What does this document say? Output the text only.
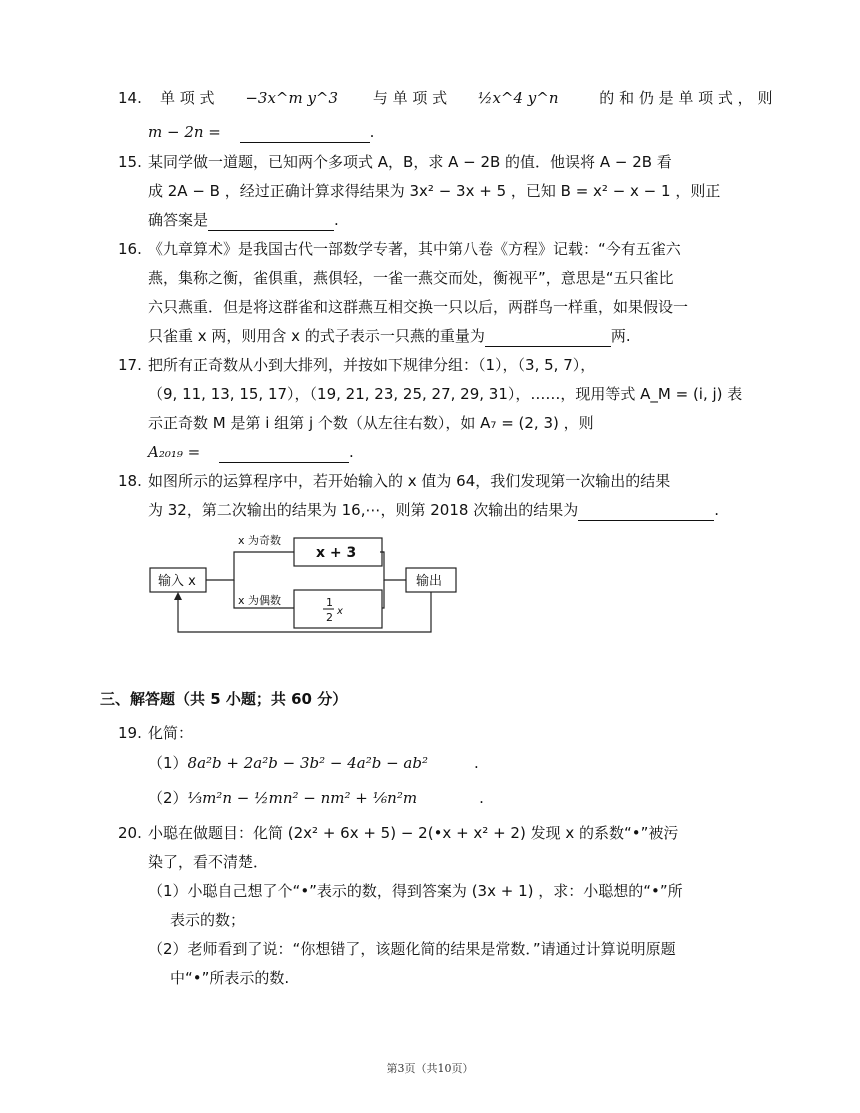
14. 单 项 式 −3x^m y^3 与 单 项 式 ½x^4 y^n	的 和 仍 是 单 项 式 ， 则
m − 2n =	.
15. 某同学做一道题，已知两个多项式 A，B，求 A − 2B 的值．他误将 A − 2B 看
成 2A − B ，经过正确计算求得结果为 3x² − 3x + 5 ，已知 B = x² − x − 1 ，则正
确答案是	.
16. 《九章算术》是我国古代一部数学专著，其中第八卷《方程》记载：“今有五雀六
燕，集称之衡，雀俱重，燕俱轻，一雀一燕交而处，衡视平”，意思是“五只雀比
六只燕重．但是将这群雀和这群燕互相交换一只以后，两群鸟一样重，如果假设一
只雀重 x 两，则用含 x 的式子表示一只燕的重量为	两.
17. 把所有正奇数从小到大排列，并按如下规律分组：（1），（3, 5, 7），
（9, 11, 13, 15, 17），（19, 21, 23, 25, 27, 29, 31），……，现用等式 A_M = (i, j) 表
示正奇数 M 是第 i 组第 j 个数（从左往右数），如 A₇ = (2, 3) ，则
A₂₀₁₉ =	.
18. 如图所示的运算程序中，若开始输入的 x 值为 64，我们发现第一次输出的结果
为 32，第二次输出的结果为 16,⋯，则第 2018 次输出的结果为	.
输入 x
x 为奇数
x + 3
x 为偶数	1
2 x
输出
三、解答题（共 5 小题；共 60 分）
19. 化简：
（1）8a²b + 2a²b − 3b² − 4a²b − ab²	.
（2）⅓m²n − ½mn² − nm² + ⅙n²m	.
20. 小聪在做题目：化简 (2x² + 6x + 5) − 2(•x + x² + 2) 发现 x 的系数“•”被污
染了，看不清楚．
（1）小聪自己想了个“•”表示的数，得到答案为 (3x + 1) ，求：小聪想的“•”所
表示的数；
（2）老师看到了说：“你想错了，该题化简的结果是常数．”请通过计算说明原题
中“•”所表示的数.
第3页（共10页）
